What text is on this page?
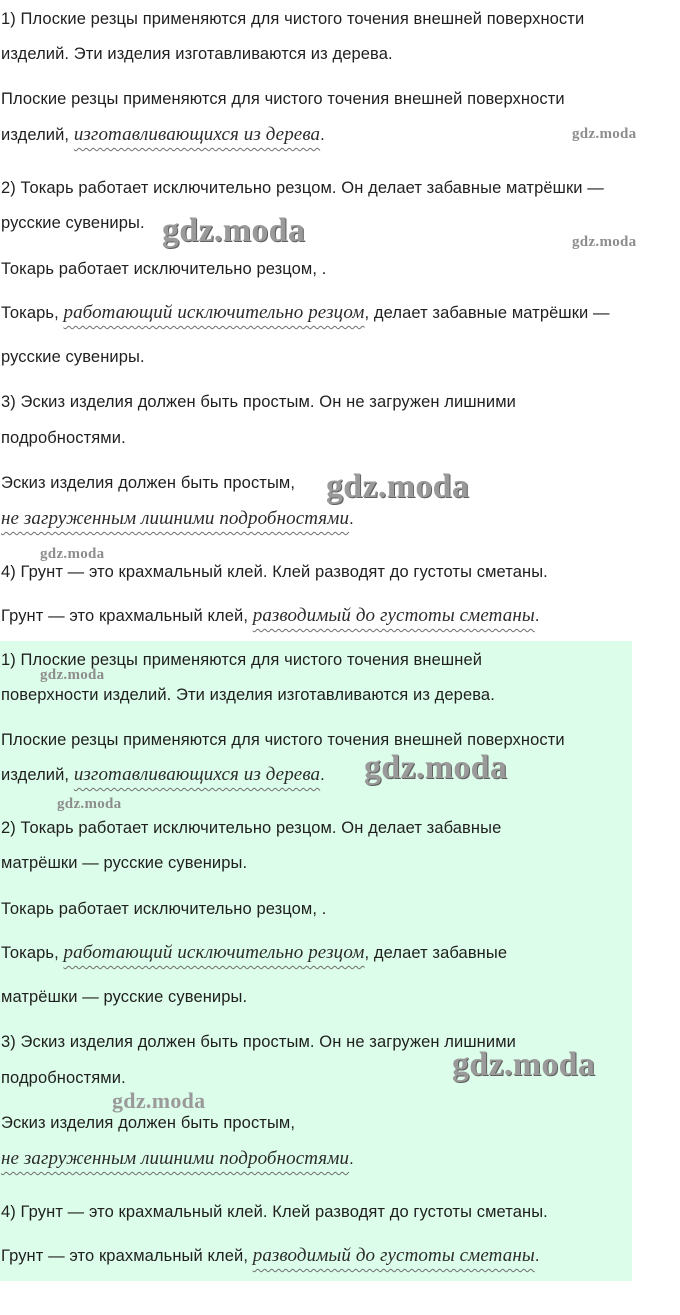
1) Плоские резцы применяются для чистого точения внешней поверхности
изделий. Эти изделия изготавливаются из дерева.
Плоские резцы применяются для чистого точения внешней поверхности
изделий, изготавливающихся из дерева.
2) Токарь работает исключительно резцом. Он делает забавные матрёшки —
русские сувениры.
Токарь работает исключительно резцом, .
Токарь, работающий исключительно резцом, делает забавные матрёшки —
русские сувениры.
3) Эскиз изделия должен быть простым. Он не загружен лишними
подробностями.
Эскиз изделия должен быть простым,
не загруженным лишними подробностями.
4) Грунт — это крахмальный клей. Клей разводят до густоты сметаны.
Грунт — это крахмальный клей, разводимый до густоты сметаны.
1) Плоские резцы применяются для чистого точения внешней
поверхности изделий. Эти изделия изготавливаются из дерева.
Плоские резцы применяются для чистого точения внешней поверхности
изделий, изготавливающихся из дерева.
2) Токарь работает исключительно резцом. Он делает забавные
матрёшки — русские сувениры.
Токарь работает исключительно резцом, .
Токарь, работающий исключительно резцом, делает забавные
матрёшки — русские сувениры.
3) Эскиз изделия должен быть простым. Он не загружен лишними
подробностями.
Эскиз изделия должен быть простым,
не загруженным лишними подробностями.
4) Грунт — это крахмальный клей. Клей разводят до густоты сметаны.
Грунт — это крахмальный клей, разводимый до густоты сметаны.
gdz.moda
gdz.moda	gdz.moda
gdz.moda
gdz.moda
gdz.moda
gdz.moda
gdz.moda
gdz.moda
gdz.moda
